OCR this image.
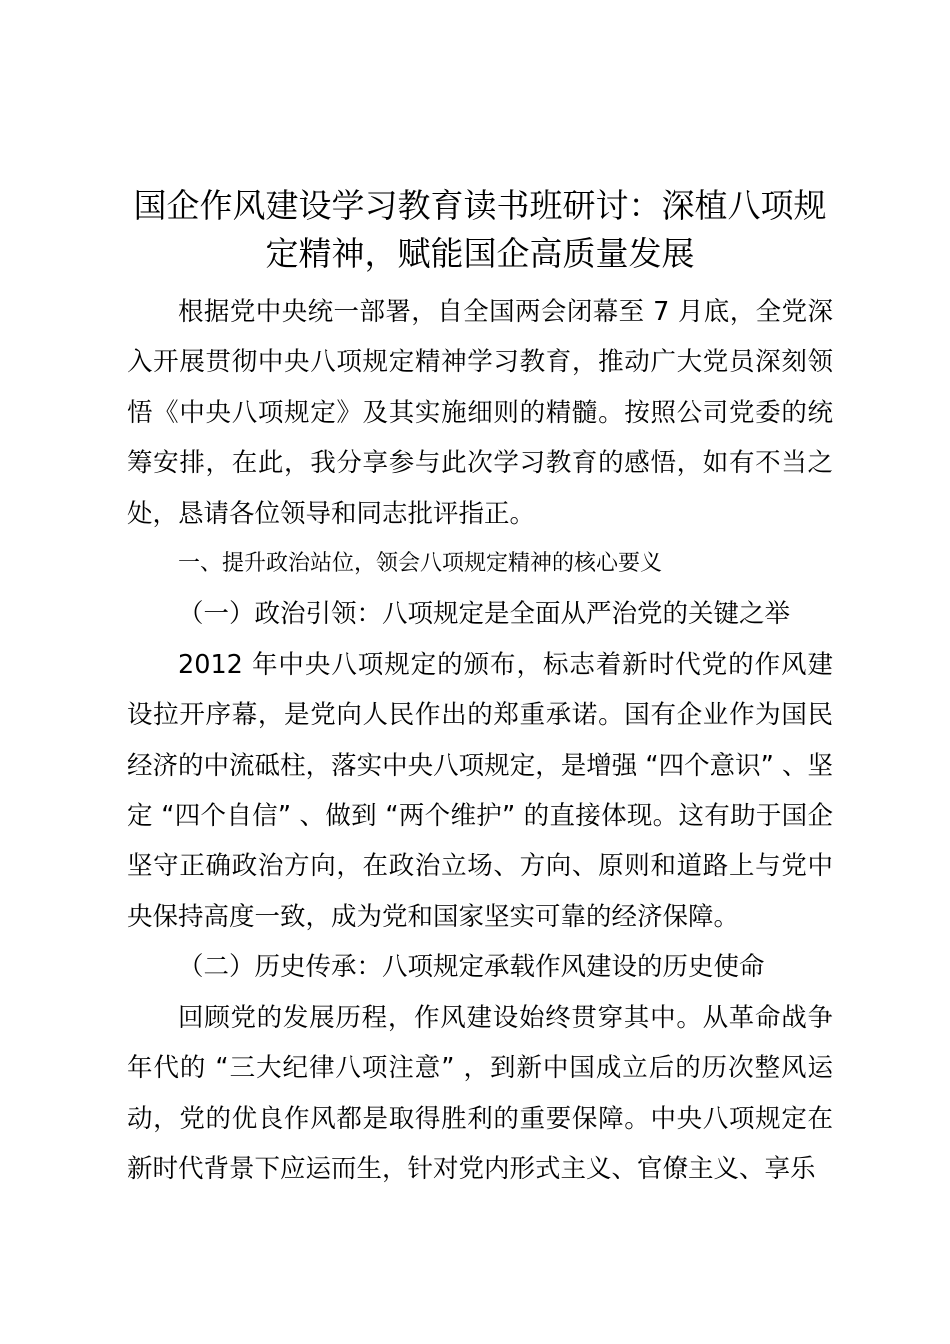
国企作风建设学习教育读书班研讨：深植八项规定精神，赋能国企高质量发展

根据党中央统一部署，自全国两会闭幕至 7 月底，全党深入开展贯彻中央八项规定精神学习教育，推动广大党员深刻领悟《中央八项规定》及其实施细则的精髓。按照公司党委的统筹安排，在此，我分享参与此次学习教育的感悟，如有不当之处，恳请各位领导和同志批评指正。

一、提升政治站位，领会八项规定精神的核心要义

（一）政治引领：八项规定是全面从严治党的关键之举

2012 年中央八项规定的颁布，标志着新时代党的作风建设拉开序幕，是党向人民作出的郑重承诺。国有企业作为国民经济的中流砥柱，落实中央八项规定，是增强 “四个意识” 、坚定 “四个自信” 、做到 “两个维护” 的直接体现。这有助于国企坚守正确政治方向，在政治立场、方向、原则和道路上与党中央保持高度一致，成为党和国家坚实可靠的经济保障。

（二）历史传承：八项规定承载作风建设的历史使命

回顾党的发展历程，作风建设始终贯穿其中。从革命战争年代的 “三大纪律八项注意” ，到新中国成立后的历次整风运动，党的优良作风都是取得胜利的重要保障。中央八项规定在新时代背景下应运而生，针对党内形式主义、官僚主义、享乐
